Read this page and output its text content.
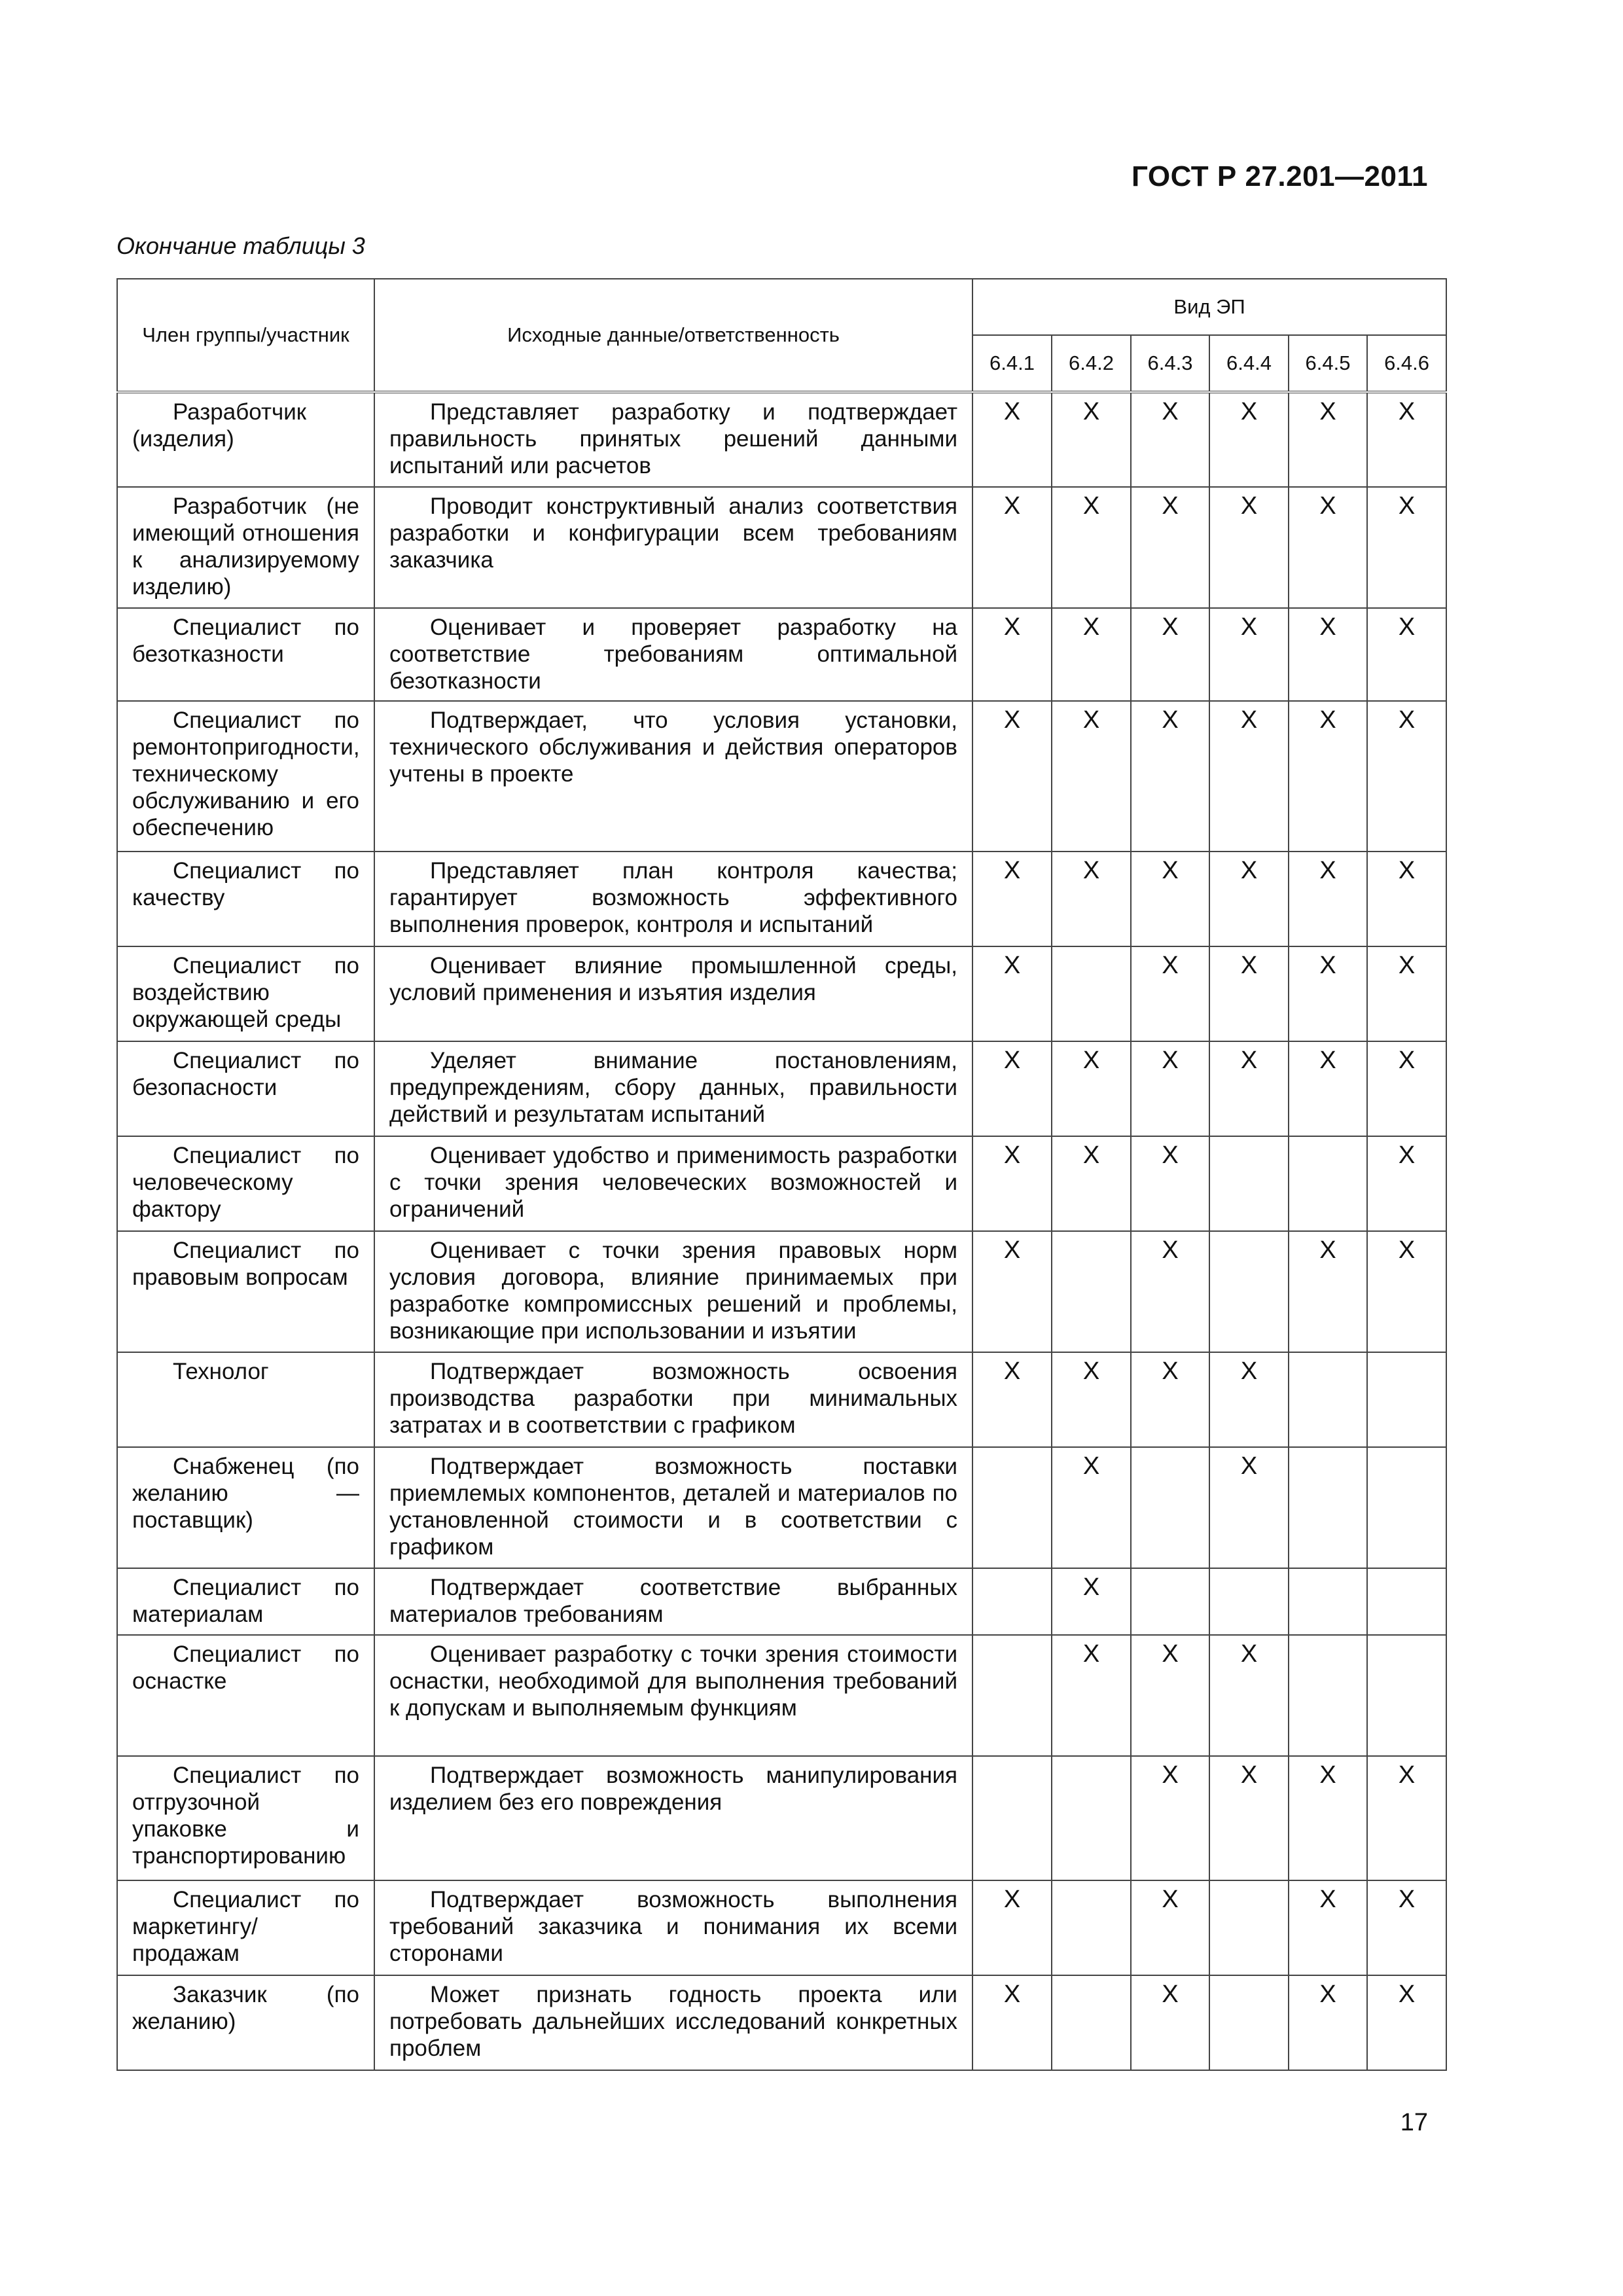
ГОСТ Р 27.201—2011
Окончание таблицы 3
Член группы/участник	Исходные данные/ответственность	Вид ЭП					
		6.4.1	6.4.2	6.4.3	6.4.4	6.4.5	6.4.6
Разработчик (изделия)	Представляет разработку и подтверждает правильность принятых решений данными испытаний или расчетов	X	X	X	X	X	X
Разработчик (не имеющий отношения к анализируемому изделию)	Проводит конструктивный анализ соответствия разработки и конфигурации всем требованиям заказчика	X	X	X	X	X	X
Специалист по безотказности	Оценивает и проверяет разработку на соответствие требованиям оптимальной безотказности	X	X	X	X	X	X
Специалист по ремонтопригодности, техническому обслуживанию и его обеспечению	Подтверждает, что условия установки, технического обслуживания и действия операторов учтены в проекте	X	X	X	X	X	X
Специалист по качеству	Представляет план контроля качества; гарантирует возможность эффективного выполнения проверок, контроля и испытаний	X	X	X	X	X	X
Специалист по воздействию окружающей среды	Оценивает влияние промышленной среды, условий применения и изъятия изделия	X		X	X	X	X
Специалист по безопасности	Уделяет внимание постановлениям, предупреждениям, сбору данных, правильности действий и результатам испытаний	X	X	X	X	X	X
Специалист по человеческому фактору	Оценивает удобство и применимость разработки с точки зрения человеческих возможностей и ограничений	X	X	X			X
Специалист по правовым вопросам	Оценивает с точки зрения правовых норм условия договора, влияние принимаемых при разработке компромиссных решений и проблемы, возникающие при использовании и изъятии	X		X		X	X
Технолог	Подтверждает возможность освоения производства разработки при минимальных затратах и в соответствии с графиком	X	X	X	X		
Снабженец (по желанию — поставщик)	Подтверждает возможность поставки приемлемых компонентов, деталей и материалов по установленной стоимости и в соответствии с графиком		X		X		
Специалист по материалам	Подтверждает соответствие выбранных материалов требованиям		X				
Специалист по оснастке	Оценивает разработку с точки зрения стоимости оснастки, необходимой для выполнения требований к допускам и выполняемым функциям		X	X	X		
Специалист по отгрузочной упаковке и транспортированию	Подтверждает возможность манипулирования изделием без его повреждения			X	X	X	X
Специалист по маркетингу/продажам	Подтверждает возможность выполнения требований заказчика и понимания их всеми сторонами	X		X		X	X
Заказчик (по желанию)	Может признать годность проекта или потребовать дальнейших исследований конкретных проблем	X		X		X	X
17
